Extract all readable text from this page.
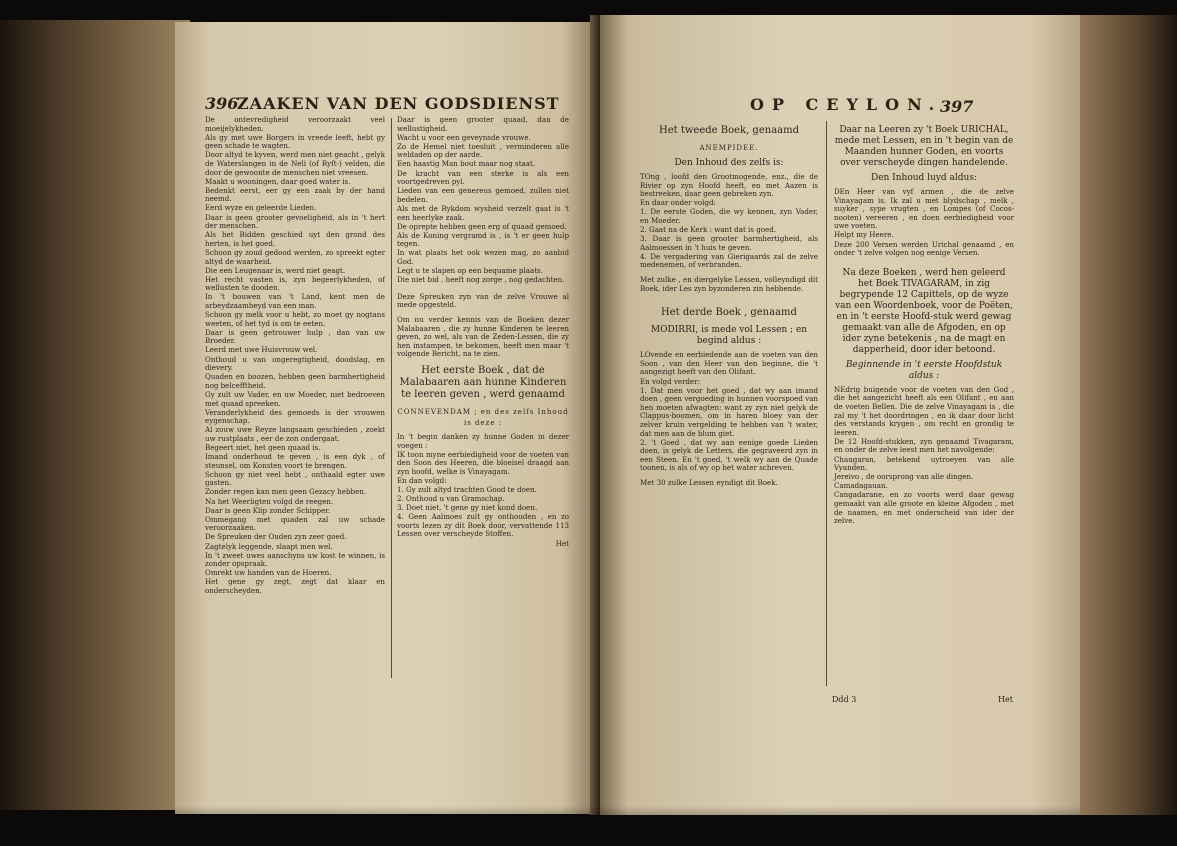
396
ZAAKEN VAN DEN GODSDIENST

De ontevredigheid veroorzaakt veel moeijelykheden.

Als gy met uwe Borgers in vreede leeft, hebt gy geen schade te wagten.

Door altyd te kyven, werd men niet geacht , gelyk de Waterslangen in de Neli (of Ryft-) velden, die door de gewoonte de menschen niet vreesen.

Maakt u wooningen, daar goed water is.

Bedenkt eerst, eer gy een zaak by der hand neemd.

Eerd wyze en geleerde Lieden.

Daar is geen grooter gevoeligheid, als in 't hert der menschen.

Als het Bidden geschied uyt den grond des herten, is het goed.

Schoon gy zoud gedood werden, zo spreekt egter altyd de waarheid.

Die een Leugenaar is, werd niet geagt.

Het recht vasten is, zyn begeerlykheden, of wellusten te dooden.

In 't bouwen van 't Land, kent men de arbeydzaamheyd van een man.

Schoon gy melk voor u hebt, zo moet gy nogtans weeten, of het tyd is om te eeten.

Daar is geen getrouwer hulp , dan van uw Broeder.

Leerd met uwe Huisvrouw wel.

Onthoud u van ongeregtigheid, doodslag, en dievery.

Quaden en boozen, hebben geen barmhertigheid nog belcefftheid.

Gy zult uw Vader, en uw Moeder, niet bedroeven met quaad spreeken.

Veranderlykheid des gemoeds is der vrouwen eygenschap.

Al zouw uwe Reyze langsaam geschieden , zoekt uw rustplaats , eer de zon ondergaat.

Begeert niet, het geen quaad is.

Imand onderhoud te geven , is een dyk , of steunsel, om Konsten voort te brengen.

Schoon gy niet veel hebt , onthaald egter uwe gasten.

Zonder regen kan men geen Gezacy hebben.

Na het Weerligten volgd de reegen.

Daar is geen Klip zonder Schipper.

Ommegang met quaden zal uw schade veroorzaaken.

De Spreuken der Ouden zyn zeer goed.

Zagtelyk leggende, slaapt men wel.

In 't zweet uwes aanschyns uw kost te winnen, is zonder opspraak.

Omrekt uw handen van de Hoeren.

Het gene gy zegt, zegt dat klaar en onderscheyden.

Daar is geen grooter quaad, dan de wellustigheid.

Wacht u voor een geveynsde vrouwe.

Zo de Hemel niet toesluit , verminderen alle weldaden op der aarde.

Een haastig Man bout maar nog staat.

De kracht van een sterke is als een voortgedreven pyl.

Lieden van een genereus gemoed, zullen niet bedelen.

Als met de Rykdom wysheid verzelt gaat is 't een heerlyke zaak.

De oprepte hebben geen erg of quaad gemoed.

Als de Koning vergramd is , is 't er geen hulp tegen.

In wat plaats het ook wezen mag, zo aanbid God.

Legt u te slapen op een bequame plaats.

Die niet bid , heeft nog zorge , nog gedachten.

Deze Spreuken zyn van de zelve Vrouwe al mede opgesteld.

Om nu verder kennis van de Boeken dezer Malabaaren , die zy hunne Kinderen te leeren geven, zo wel, als van de Zeden-Lessen, die zy hen instampen, te bekomen, heeft men maar 't volgende Bericht, na te zien.

Het eerste Boek , dat de Malabaaren aan hunne Kinderen te leeren geven , werd genaamd
CONNEVENDAM ; en des zelfs Inhoud is deze :

In 't begin danken zy hunne Goden in dezer voegen :

IK toon myne eerbiedigheid voor de voeten van den Soon des Heeren, die bloeisel draagd aan zyn hoofd, welke is Vinayagam.

En dan volgd:

1. Gy zult altyd trachten Good te doen.

2. Onthoud u van Gramschap.

3. Doet niet, 't gene gy niet kond doen.

4. Geen Aalmoes zult gy onthouden , en zo voorts lezen zy dit Boek door, vervattende 113 Lessen over verscheyde Stoffen.

Het

OP CEYLON.
397
Het tweede Boek, genaamd
ANEMPIDEE.
Den Inhoud des zelfs is:

TOng , loofd den Grootmogende, enz., die de Rivier op zyn Hoofd heeft, en met Aazen is bestreeken, daar geen gebreken zyn.

En daar onder volgd:

1. De eerste Goden, die wy kennen, zyn Vader, en Moeder.

2. Gaat na de Kerk : want dat is goed.

3. Daar is geen grooter barmhertigheid, als Aalmoessen in 't huis te geven.

4. De vergadering van Gierigaards zal de zelve medenemen, of verbranden.

Met zulke , en diergelyke Lessen, volleyndigd dit Boek, ider Les zyn byzonderen zin hebbende.

Het derde Boek , genaamd
MODIRRI, is mede vol Lessen ; en begind aldus :

LOvende en eerbiedende aan de voeten van den Soon , van den Heer van den beginne, die 't aangezigt heeft van den Olifant.

En volgd verder:

1. Dat men voor het goed , dat wy aan imand doen , geen vergoeding in hunnen voorspoed van hen moeten afwagten: want zy zyn niet gelyk de Clappus-boomen, om in haren bloey van der zelver kruin vergelding te hebben van 't water, dat men aan de blum giet.

2. 't Goed , dat wy aan eenige goede Lieden doen, is gelyk de Letters, die gegraveerd zyn in een Steen. En 't goed, 't welk wy aan de Quade toonen, is als of wy op het water schreven.

Met 30 zulke Lessen eyndigt dit Boek.

Daar na Leeren zy 't Boek URICHAL, mede met Lessen, en in 't begin van de Maanden hunner Goden, en voorts over verscheyde dingen handelende.
Den Inhoud luyd aldus:

DEn Heer van vyf armen , die de zelve Vinayagam is. Ik zal u met blydschap , melk , suyker , sype vrugten , en Lompes (of Cocos-nooten) vereeren , en doen eerbiedigheid voor uwe voeten.

Helpt my Heere.

Deze 200 Versen werden Urichal genaamd , en onder 't zelve volgen nog eenige Versen.

Na deze Boeken , werd hen geleerd het Boek TIVAGARAM, in zig begrypende 12 Capittels, op de wyze van een Woordenboek, voor de Poëten, en in 't eerste Hoofd-stuk werd gewag gemaakt van alle de Afgoden, en op ider zyne betekenis , na de magt en dapperheid, door ider betoond.
Beginnende in 't eerste Hoofdstuk aldus :

NEdrig buigende voor de voeten van den God , die het aangezicht heeft als een Olifant , en aan de voeten Bellen. Die de zelve Vinayagam is , die zal my 't het doordringen , en ik daar door licht des verstands krygen , om recht en grondig te leeren.

De 12 Hoofd-stukken, zyn genaamd Tivagaram, en onder de zelve leest men het navolgende:

Chaugaran, betekend uytroeyen van alle Vyanden.

Jereivo , de oorsprong van alle dingen.

Camadagauan.

Cangadarane, en zo voorts werd daar gewag gemaakt van alle groote en kleine Afgoden , met de naamen, en met onderscheid van ider der zelve.

Ddd 3	Het
